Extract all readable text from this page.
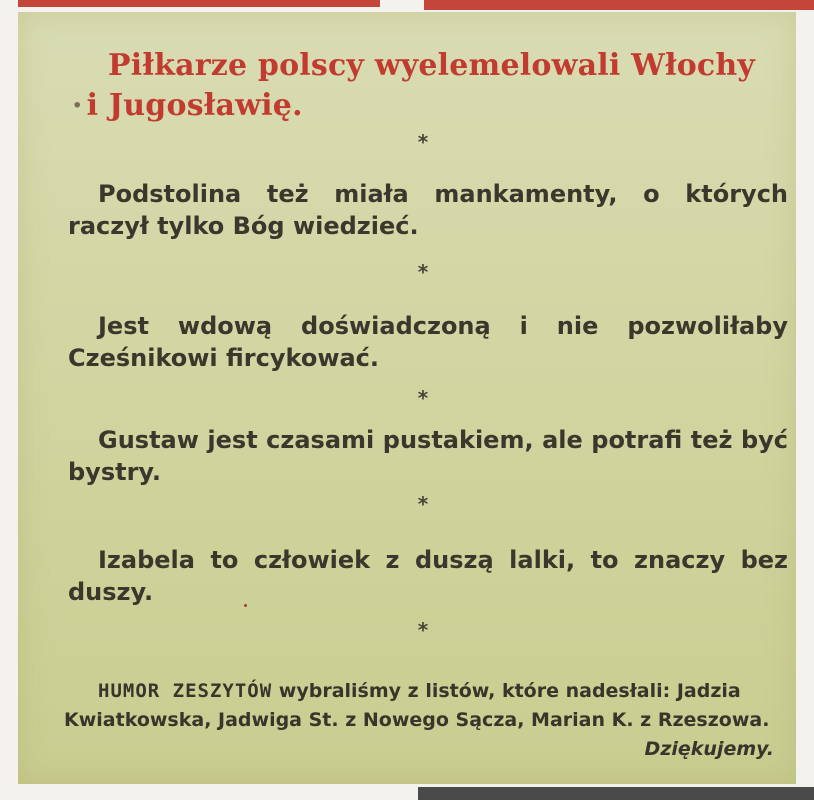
Piłkarze polscy wyelemelowali Włochy
· i Jugosławię.
*

Podstolina też miała mankamenty, o których raczył tylko Bóg wiedzieć.

*

Jest wdową doświadczoną i nie pozwoliłaby Cześnikowi fircykować.

*

Gustaw jest czasami pustakiem, ale potrafi też być bystry.

*

Izabela to człowiek z duszą lalki, to znaczy bez duszy.

*

HUMOR ZESZYTÓW wybraliśmy z listów, które nadesłali: Jadzia Kwiatkowska, Jadwiga St. z Nowego Sącza, Marian K. z Rzeszowa.
Dziękujemy.
